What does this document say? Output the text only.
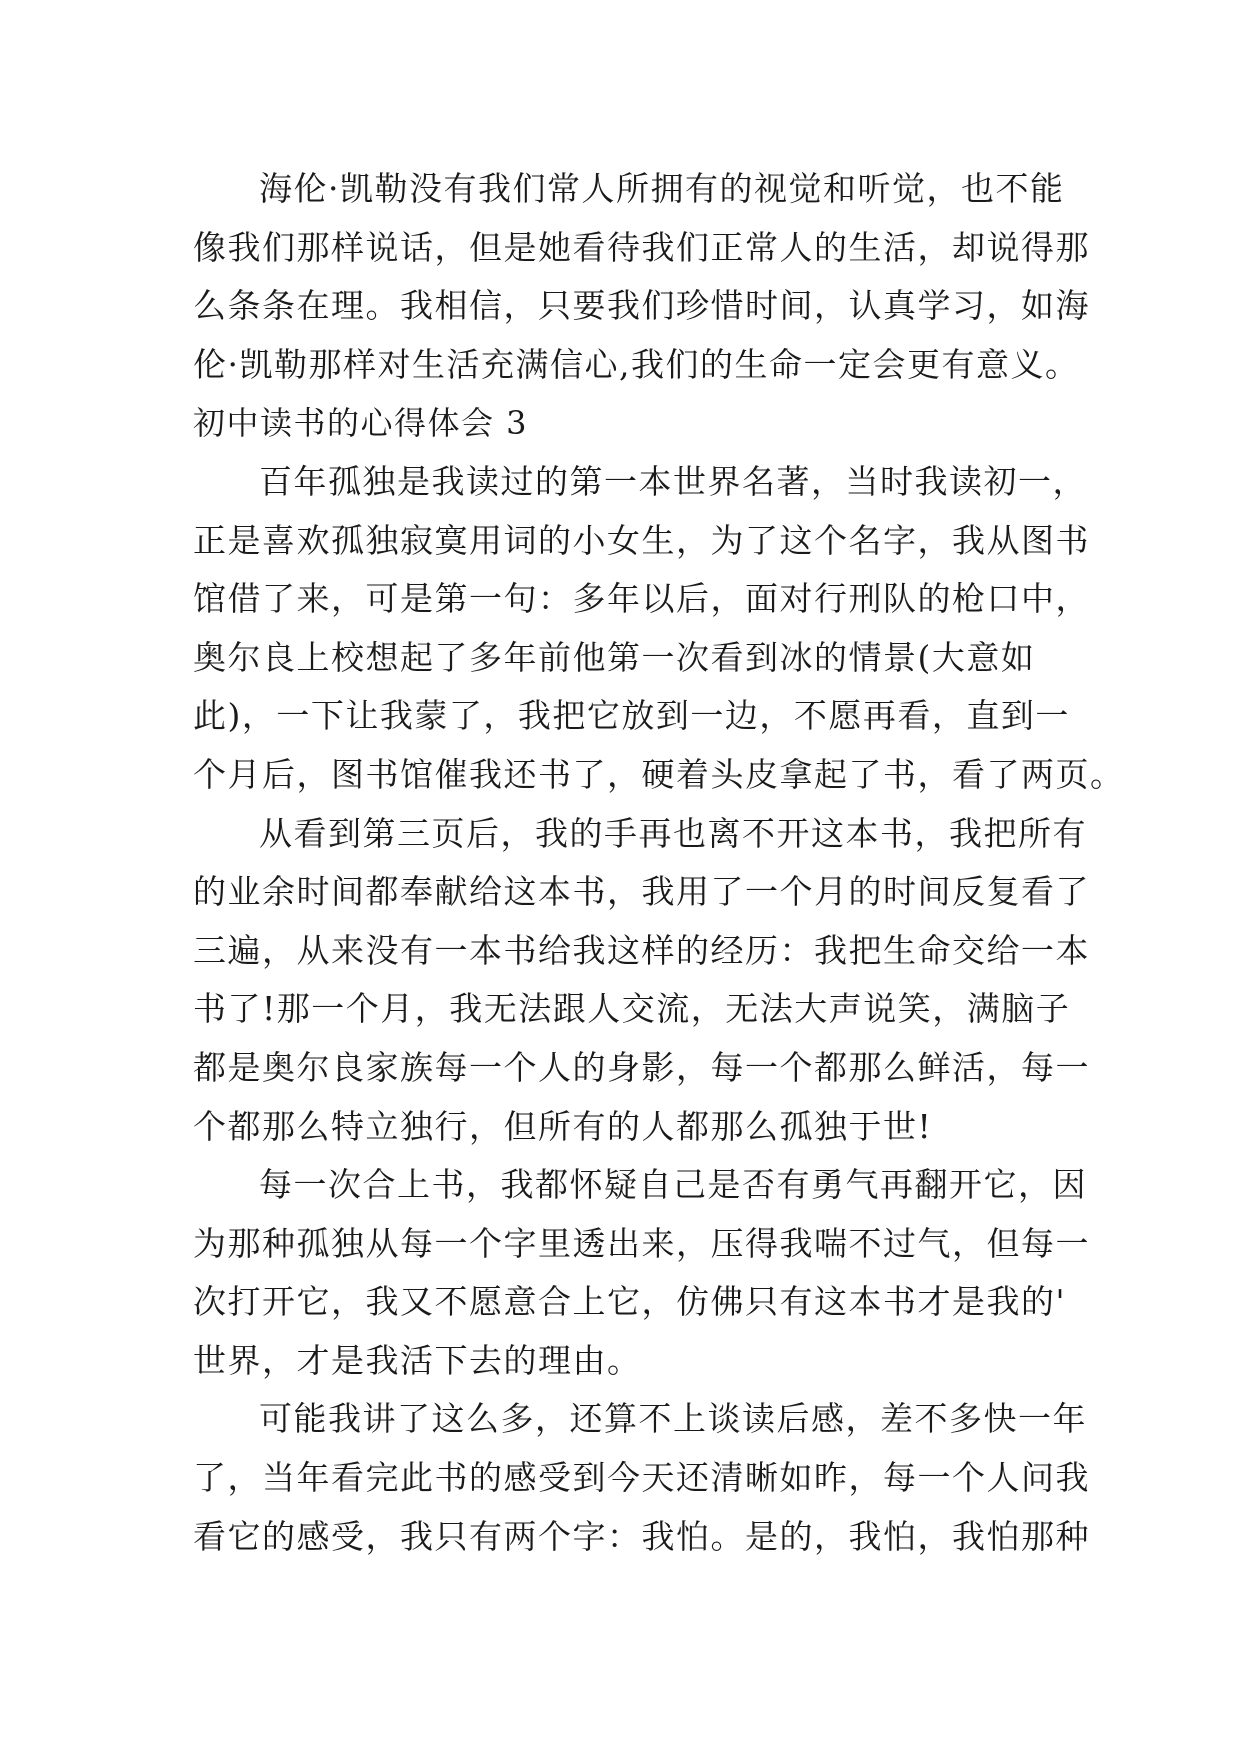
海伦·凯勒没有我们常人所拥有的视觉和听觉，也不能
像我们那样说话，但是她看待我们正常人的生活，却说得那
么条条在理。我相信，只要我们珍惜时间，认真学习，如海
伦·凯勒那样对生活充满信心,我们的生命一定会更有意义。
初中读书的心得体会 3
百年孤独是我读过的第一本世界名著，当时我读初一，
正是喜欢孤独寂寞用词的小女生，为了这个名字，我从图书
馆借了来，可是第一句：多年以后，面对行刑队的枪口中，
奥尔良上校想起了多年前他第一次看到冰的情景(大意如
此)，一下让我蒙了，我把它放到一边，不愿再看，直到一
个月后，图书馆催我还书了，硬着头皮拿起了书，看了两页。
从看到第三页后，我的手再也离不开这本书，我把所有
的业余时间都奉献给这本书，我用了一个月的时间反复看了
三遍，从来没有一本书给我这样的经历：我把生命交给一本
书了!那一个月，我无法跟人交流，无法大声说笑，满脑子
都是奥尔良家族每一个人的身影，每一个都那么鲜活，每一
个都那么特立独行，但所有的人都那么孤独于世!
每一次合上书，我都怀疑自己是否有勇气再翻开它，因
为那种孤独从每一个字里透出来，压得我喘不过气，但每一
次打开它，我又不愿意合上它，仿佛只有这本书才是我的'
世界，才是我活下去的理由。
可能我讲了这么多，还算不上谈读后感，差不多快一年
了，当年看完此书的感受到今天还清晰如昨，每一个人问我
看它的感受，我只有两个字：我怕。是的，我怕，我怕那种
